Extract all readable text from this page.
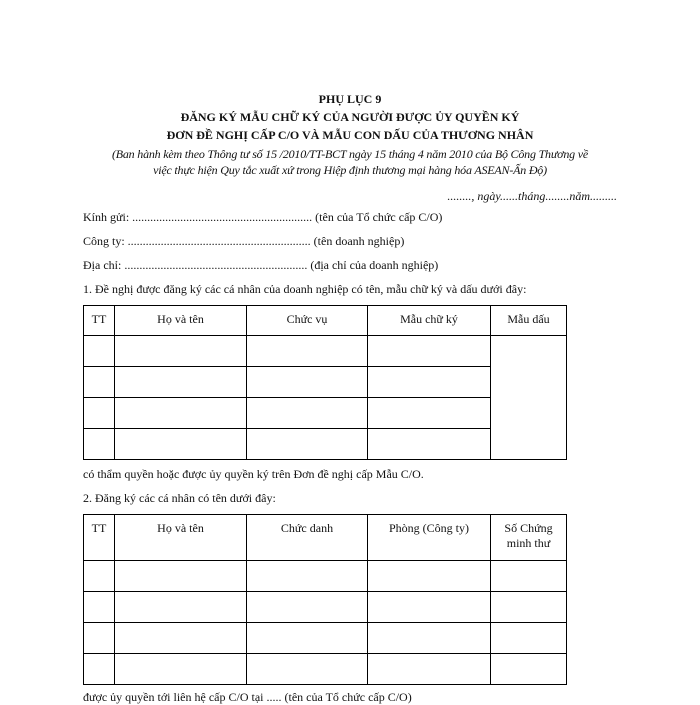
PHỤ LỤC 9
ĐĂNG KÝ MẪU CHỮ KÝ CỦA NGƯỜI ĐƯỢC ỦY QUYỀN KÝ
ĐƠN ĐỀ NGHỊ CẤP C/O VÀ MẪU CON DẤU CỦA THƯƠNG NHÂN
(Ban hành kèm theo Thông tư số 15 /2010/TT-BCT ngày 15 tháng 4 năm 2010 của Bộ Công Thương về
việc thực hiện Quy tắc xuất xứ trong Hiệp định thương mại hàng hóa ASEAN-Ấn Độ)
........, ngày......tháng........năm.........
Kính gửi: ............................................................ (tên của Tổ chức cấp C/O)
Công ty: ............................................................. (tên doanh nghiệp)
Địa chỉ: ............................................................. (địa chỉ của doanh nghiệp)
1. Đề nghị được đăng ký các cá nhân của doanh nghiệp có tên, mẫu chữ ký và dấu dưới đây:
TT	Họ và tên	Chức vụ	Mẫu chữ ký	Mẫu dấu

có thẩm quyền hoặc được ủy quyền ký trên Đơn đề nghị cấp Mẫu C/O.
2. Đăng ký các cá nhân có tên dưới đây:
TT	Họ và tên	Chức danh	Phòng (Công ty)	Số Chứng minh thư

được ủy quyền tới liên hệ cấp C/O tại ..... (tên của Tổ chức cấp C/O)
